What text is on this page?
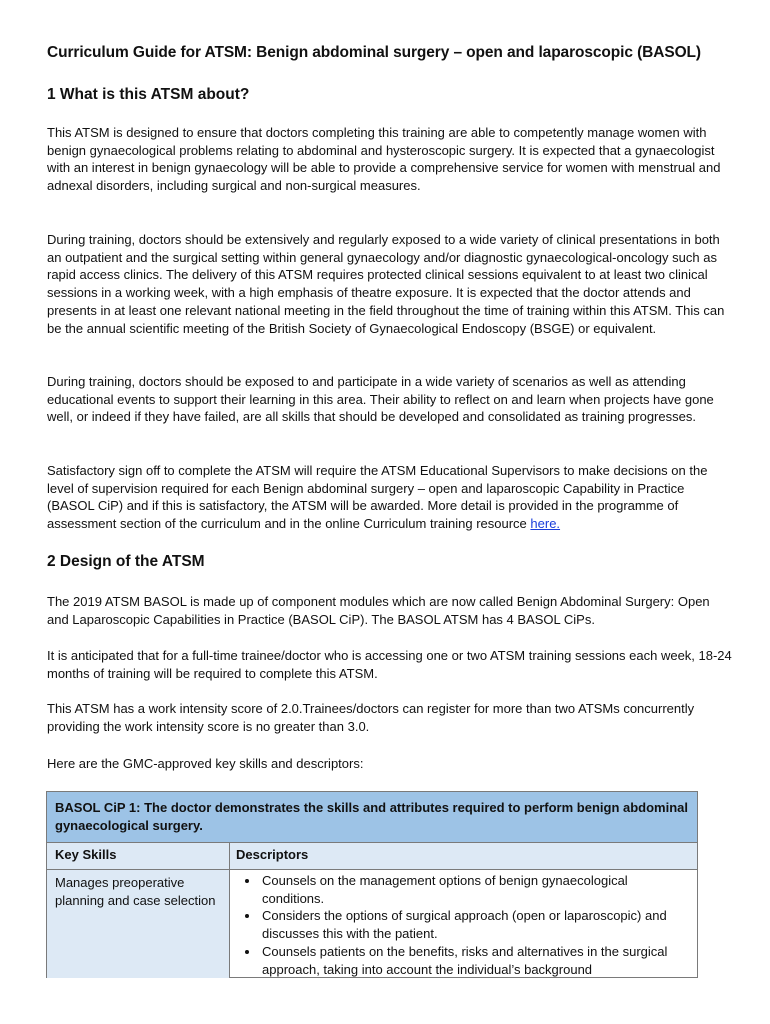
Curriculum Guide for ATSM: Benign abdominal surgery – open and laparoscopic (BASOL)
1 What is this ATSM about?
This ATSM is designed to ensure that doctors completing this training are able to competently manage women with benign gynaecological problems relating to abdominal and hysteroscopic surgery. It is expected that a gynaecologist with an interest in benign gynaecology will be able to provide a comprehensive service for women with menstrual and adnexal disorders, including surgical and non-surgical measures.
During training, doctors should be extensively and regularly exposed to a wide variety of clinical presentations in both an outpatient and the surgical setting within general gynaecology and/or diagnostic gynaecological-oncology such as rapid access clinics. The delivery of this ATSM requires protected clinical sessions equivalent to at least two clinical sessions in a working week, with a high emphasis of theatre exposure. It is expected that the doctor attends and presents in at least one relevant national meeting in the field throughout the time of training within this ATSM. This can be the annual scientific meeting of the British Society of Gynaecological Endoscopy (BSGE) or equivalent.
During training, doctors should be exposed to and participate in a wide variety of scenarios as well as attending educational events to support their learning in this area. Their ability to reflect on and learn when projects have gone well, or indeed if they have failed, are all skills that should be developed and consolidated as training progresses.
Satisfactory sign off to complete the ATSM will require the ATSM Educational Supervisors to make decisions on the level of supervision required for each Benign abdominal surgery – open and laparoscopic Capability in Practice (BASOL CiP) and if this is satisfactory, the ATSM will be awarded. More detail is provided in the programme of assessment section of the curriculum and in the online Curriculum training resource here.
2 Design of the ATSM
The 2019 ATSM BASOL is made up of component modules which are now called Benign Abdominal Surgery: Open and Laparoscopic Capabilities in Practice (BASOL CiP). The BASOL ATSM has 4 BASOL CiPs.
It is anticipated that for a full-time trainee/doctor who is accessing one or two ATSM training sessions each week, 18-24 months of training will be required to complete this ATSM.
This ATSM has a work intensity score of 2.0.Trainees/doctors can register for more than two ATSMs concurrently providing the work intensity score is no greater than 3.0.
Here are the GMC-approved key skills and descriptors:
BASOL CiP 1: The doctor demonstrates the skills and attributes required to perform benign abdominal gynaecological surgery.
Key Skills	Descriptors
Manages preoperative planning and case selection
• Counsels on the management options of benign gynaecological conditions.
• Considers the options of surgical approach (open or laparoscopic) and discusses this with the patient.
• Counsels patients on the benefits, risks and alternatives in the surgical approach, taking into account the individual’s background
